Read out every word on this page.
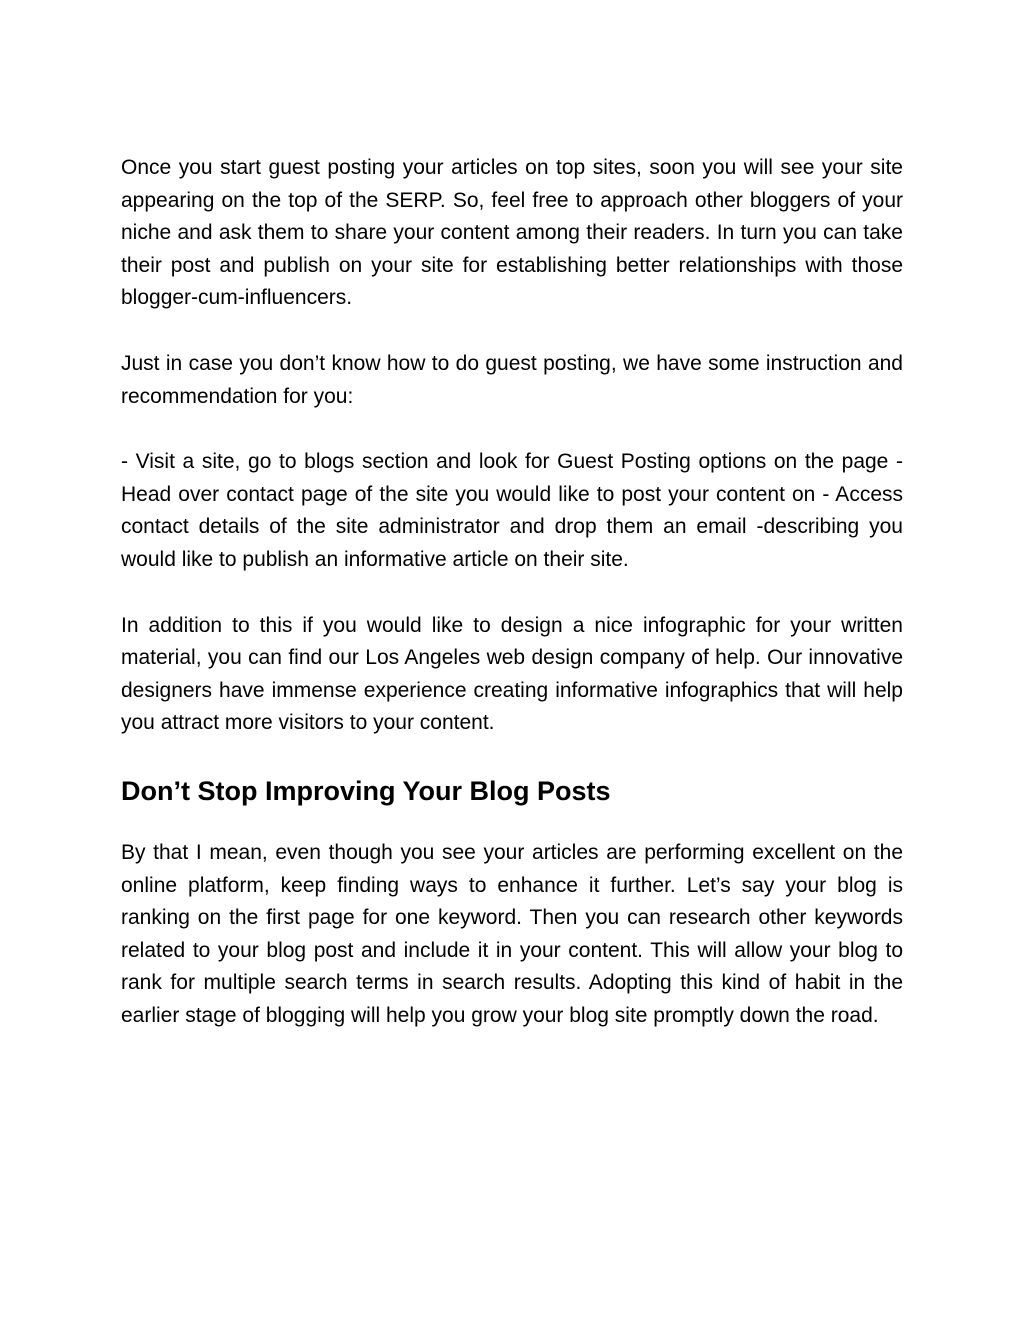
Once you start guest posting your articles on top sites, soon you will see your site appearing on the top of the SERP. So, feel free to approach other bloggers of your niche and ask them to share your content among their readers. In turn you can take their post and publish on your site for establishing better relationships with those blogger-cum-influencers.

Just in case you don’t know how to do guest posting, we have some instruction and recommendation for you:

- Visit a site, go to blogs section and look for Guest Posting options on the page - Head over contact page of the site you would like to post your content on - Access contact details of the site administrator and drop them an email -describing you would like to publish an informative article on their site.

In addition to this if you would like to design a nice infographic for your written material, you can find our Los Angeles web design company of help. Our innovative designers have immense experience creating informative infographics that will help you attract more visitors to your content.

Don’t Stop Improving Your Blog Posts

By that I mean, even though you see your articles are performing excellent on the online platform, keep finding ways to enhance it further. Let’s say your blog is ranking on the first page for one keyword. Then you can research other keywords related to your blog post and include it in your content. This will allow your blog to rank for multiple search terms in search results. Adopting this kind of habit in the earlier stage of blogging will help you grow your blog site promptly down the road.
